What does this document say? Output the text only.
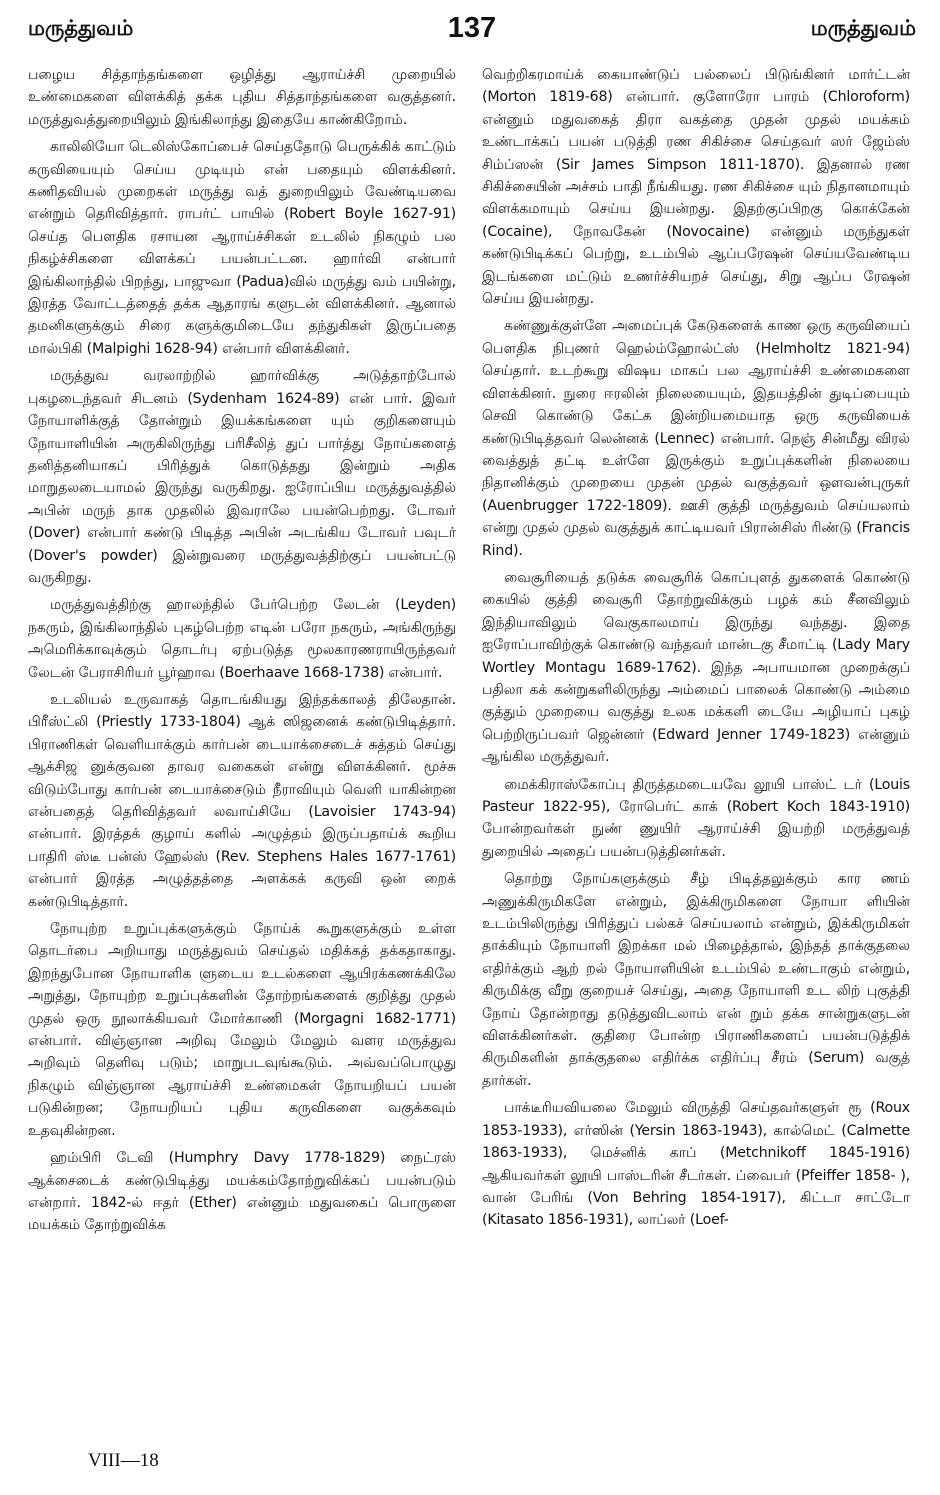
மருத்துவம்	137	மருத்துவம்

பழைய சித்தாந்தங்களை ஒழித்து ஆராய்ச்சி முறையில் உண்மைகளை விளக்கித் தக்க புதிய சித்தாந்தங்களை வகுத்தனர். மருத்துவத்துறையிலும் இங்கிலாந்து இதையே காண்கிறோம்.

காலிலியோ டெலிஸ்கோப்பைச் செய்ததோடு பெருக்கிக் காட்டும் கருவியையும் செய்ய முடியும் என் பதையும் விளக்கினர். கணிதவியல் முறைகள் மருத்து வத் துறையிலும் வேண்டியவை என்றும் தெரிவித்தார். ராபர்ட் பாயில் (Robert Boyle 1627-91) செய்த பௌதிக ரசாயன ஆராய்ச்சிகள் உடலில் நிகழும் பல நிகழ்ச்சிகளை விளக்கப் பயன்பட்டன. ஹார்வி என்பார் இங்கிலாந்தில் பிறந்து, பாஜுவா (Padua)வில் மருத்து வம் பயின்று, இரத்த வோட்டத்தைத் தக்க ஆதாரங் களுடன் விளக்கினர். ஆனால் தமனிகளுக்கும் சிரை களுக்குமிடையே தந்துகிகள் இருப்பதை மால்பிகி (Malpighi 1628-94) என்பார் விளக்கினர்.

மருத்துவ வரலாற்றில் ஹார்விக்கு அடுத்தாற்போல் புகழடைந்தவர் சிடனம் (Sydenham 1624-89) என் பார். இவர் நோயாளிக்குத் தோன்றும் இயக்கங்களை யும் குறிகளையும் நோயாளியின் அருகிலிருந்து பரிசீலித் துப் பார்த்து நோய்களைத் தனித்தனியாகப் பிரித்துக் கொடுத்தது இன்றும் அதிக மாறுதலடையாமல் இருந்து வருகிறது. ஐரோப்பிய மருத்துவத்தில் அபின் மருந் தாக முதலில் இவராலே பயன்பெற்றது. டோவர் (Dover) என்பார் கண்டு பிடித்த அபின் அடங்கிய டோவர் பவுடர் (Dover's powder) இன்றுவரை மருத்துவத்திற்குப் பயன்பட்டு வருகிறது.

மருத்துவத்திற்கு ஹாலந்தில் பேர்பெற்ற லேடன் (Leyden) நகரும், இங்கிலாந்தில் புகழ்பெற்ற எடின் பரோ நகரும், அங்கிருந்து அமெரிக்காவுக்கும் தொடர்பு ஏற்படுத்த மூலகாரணராயிருந்தவர் லேடன் பேராசிரியர் பூர்ஹாவ (Boerhaave 1668-1738) என்பார்.

உடலியல் உருவாகத் தொடங்கியது இந்தக்காலத் திலேதான். பிரீஸ்ட்லி (Priestly 1733-1804) ஆக் ஸிஜனைக் கண்டுபிடித்தார். பிராணிகள் வெளியாக்கும் கார்பன் டையாக்சைடைச் சுத்தம் செய்து ஆக்சிஜ னுக்குவன தாவர வகைகள் என்று விளக்கினர். மூச்சு விடும்போது கார்பன் டையாக்சைடும் நீராவியும் வெளி யாகின்றன என்பதைத் தெரிவித்தவர் லவாய்சியே (Lavoisier 1743-94) என்பார். இரத்தக் குழாய் களில் அழுத்தம் இருப்பதாய்க் கூறிய பாதிரி ஸ்டீ பன்ஸ் ஹேல்ஸ் (Rev. Stephens Hales 1677-1761) என்பார் இரத்த அழுத்தத்தை அளக்கக் கருவி ஒன் றைக் கண்டுபிடித்தார்.

நோயுற்ற உறுப்புக்களுக்கும் நோய்க் கூறுகளுக்கும் உள்ள தொடர்பை அறியாது மருத்துவம் செய்தல் மதிக்கத் தக்கதாகாது. இறந்துபோன நோயாளிக ளுடைய உடல்களை ஆயிரக்கணக்கிலே அறுத்து, நோயுற்ற உறுப்புக்களின் தோற்றங்களைக் குறித்து முதல் முதல் ஒரு நூலாக்கியவர் மோர்காணி (Morgagni 1682-1771) என்பார். விஞ்ஞான அறிவு மேலும் மேலும் வளர மருத்துவ அறிவும் தெளிவு படும்; மாறுபடவுங்கூடும். அவ்வப்பொழுது நிகழும் விஞ்ஞான ஆராய்ச்சி உண்மைகள் நோயறியப் பயன் படுகின்றன; நோயறியப் புதிய கருவிகளை வகுக்கவும் உதவுகின்றன.

ஹம்பிரி டேவி (Humphry Davy 1778-1829) நைட்ரஸ் ஆக்சைடைக் கண்டுபிடித்து மயக்கம்தோற்றுவிக்கப் பயன்படும் என்றார். 1842-ல் ஈதர் (Ether) என்னும் மதுவகைப் பொருளை மயக்கம் தோற்றுவிக்க

வெற்றிகரமாய்க் கையாண்டுப் பல்லைப் பிடுங்கினர் மார்ட்டன் (Morton 1819-68) என்பார். குளோரோ பாரம் (Chloroform) என்னும் மதுவகைத் திரா வகத்தை முதன் முதல் மயக்கம் உண்டாக்கப் பயன் படுத்தி ரண சிகிச்சை செய்தவர் ஸர் ஜேம்ஸ் சிம்ப்ஸன் (Sir James Simpson 1811-1870). இதனால் ரண சிகிச்சையின் அச்சம் பாதி நீங்கியது. ரண சிகிச்சை யும் நிதானமாயும் விளக்கமாயும் செய்ய இயன்றது. இதற்குப்பிறகு கொக்கேன் (Cocaine), நோவகேன் (Novocaine) என்னும் மருந்துகள் கண்டுபிடிக்கப் பெற்று, உடம்பில் ஆப்பரேஷன் செய்யவேண்டிய இடங்களை மட்டும் உணர்ச்சியறச் செய்து, சிறு ஆப்ப ரேஷன் செய்ய இயன்றது.

கண்ணுக்குள்ளே அமைப்புக் கேடுகளைக் காண ஒரு கருவியைப் பௌதிக நிபுணர் ஹெல்ம்ஹோல்ட்ஸ் (Helmholtz 1821-94) செய்தார். உடற்கூறு விஷய மாகப் பல ஆராய்ச்சி உண்மைகளை விளக்கினர். நுரை ஈரலின் நிலையையும், இதயத்தின் துடிப்பையும் செவி கொண்டு கேட்க இன்றியமையாத ஒரு கருவியைக் கண்டுபிடித்தவர் லென்னக் (Lennec) என்பார். நெஞ் சின்மீது விரல் வைத்துத் தட்டி உள்ளே இருக்கும் உறுப்புக்களின் நிலையை நிதானிக்கும் முறையை முதன் முதல் வகுத்தவர் ஔவன்புருகர் (Auenbrugger 1722-1809). ஊசி குத்தி மருத்துவம் செய்யலாம் என்று முதல் முதல் வகுத்துக் காட்டியவர் பிரான்சிஸ் ரிண்டு (Francis Rind).

வைசூரியைத் தடுக்க வைசூரிக் கொப்புளத் துகளைக் கொண்டு கையில் குத்தி வைசூரி தோற்றுவிக்கும் பழக் கம் சீனவிலும் இந்தியாவிலும் வெகுகாலமாய் இருந்து வந்தது. இதை ஐரோப்பாவிற்குக் கொண்டு வந்தவர் மான்டகு சீமாட்டி (Lady Mary Wortley Montagu 1689-1762). இந்த அபாயமான முறைக்குப் பதிலா கக் கன்றுகளிலிருந்து அம்மைப் பாலைக் கொண்டு அம்மை குத்தும் முறையை வகுத்து உலக மக்களி டையே அழியாப் புகழ் பெற்றிருப்பவர் ஜென்னர் (Edward Jenner 1749-1823) என்னும் ஆங்கில மருத்துவர்.

மைக்கிராஸ்கோப்பு திருத்தமடையவே லூயி பாஸ்ட் டர் (Louis Pasteur 1822-95), ரோபெர்ட் காக் (Robert Koch 1843-1910) போன்றவர்கள் நுண் ணுயிர் ஆராய்ச்சி இயற்றி மருத்துவத் துறையில் அதைப் பயன்படுத்தினர்கள்.

தொற்று நோய்களுக்கும் சீழ் பிடித்தலுக்கும் கார ணம் அணுக்கிருமிகளே என்றும், இக்கிருமிகளை நோயா ளியின் உடம்பிலிருந்து பிரித்துப் பல்கச் செய்யலாம் என்றும், இக்கிருமிகள் தாக்கியும் நோயாளி இறக்கா மல் பிழைத்தால், இந்தத் தாக்குதலை எதிர்க்கும் ஆற் றல் நோயாளியின் உடம்பில் உண்டாகும் என்றும், கிருமிக்கு வீறு குறையச் செய்து, அதை நோயாளி உட லிற் புகுத்தி நோய் தோன்றாது தடுத்துவிடலாம் என் றும் தக்க சான்றுகளுடன் விளக்கினர்கள். குதிரை போன்ற பிராணிகளைப் பயன்படுத்திக் கிருமிகளின் தாக்குதலை எதிர்க்க எதிர்ப்பு சீரம் (Serum) வகுத் தார்கள்.

பாக்டீரியவியலை மேலும் விருத்தி செய்தவர்களுள் ரூ (Roux 1853-1933), எர்ஸின் (Yersin 1863-1943), கால்மெட் (Calmette 1863-1933), மெச்னிக் காப் (Metchnikoff 1845-1916) ஆகியவர்கள் லூயி பாஸ்டரின் சீடர்கள். ப்வைபர் (Pfeiffer 1858- ), வான் பேரிங் (Von Behring 1854-1917), கிட்டா சாட்டோ (Kitasato 1856-1931), லாப்லர் (Loef-

VIII—18
